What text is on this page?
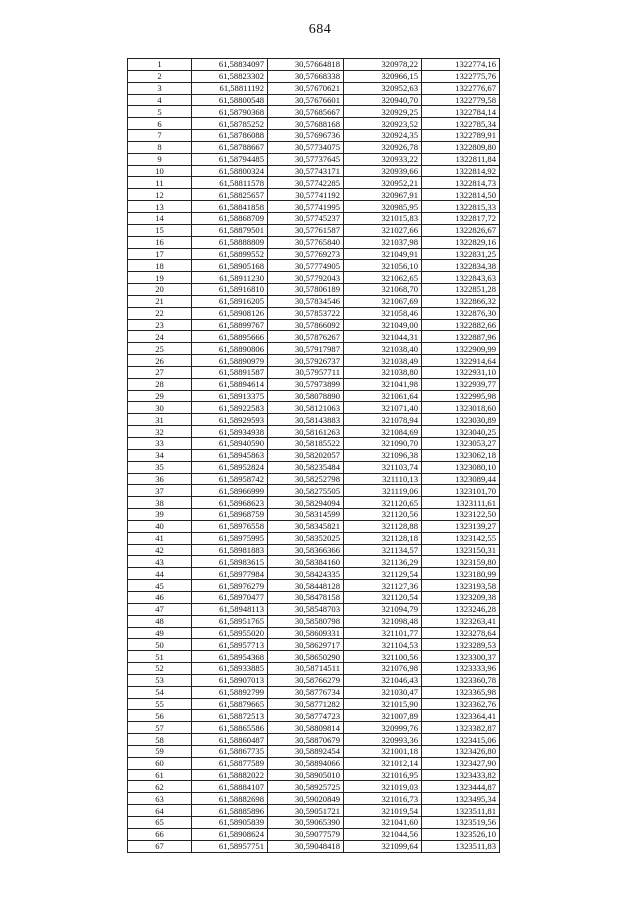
684
1	61,58834097	30,57664818	320978,22	1322774,16
2	61,58823302	30,57668338	320966,15	1322775,76
3	61,58811192	30,57670621	320952,63	1322776,67
4	61,58800548	30,57676601	320940,70	1322779,58
5	61,58790368	30,57685667	320929,25	1322784,14
6	61,58785252	30,57688168	320923,52	1322785,34
7	61,58786088	30,57696736	320924,35	1322789,91
8	61,58788667	30,57734075	320926,78	1322809,80
9	61,58794485	30,57737645	320933,22	1322811,84
10	61,58800324	30,57743171	320939,66	1322814,92
11	61,58811578	30,57742285	320952,21	1322814,73
12	61,58825657	30,57741192	320967,91	1322814,50
13	61,58841858	30,57741995	320985,95	1322815,33
14	61,58868709	30,57745237	321015,83	1322817,72
15	61,58879501	30,57761587	321027,66	1322826,67
16	61,58888809	30,57765840	321037,98	1322829,16
17	61,58899552	30,57769273	321049,91	1322831,25
18	61,58905168	30,57774905	321056,10	1322834,38
19	61,58911230	30,57792043	321062,65	1322843,63
20	61,58916810	30,57806189	321068,70	1322851,28
21	61,58916205	30,57834546	321067,69	1322866,32
22	61,58908126	30,57853722	321058,46	1322876,30
23	61,58899767	30,57866092	321049,00	1322882,66
24	61,58895666	30,57876267	321044,31	1322887,96
25	61,58890806	30,57917987	321038,40	1322909,99
26	61,58890979	30,57926737	321038,49	1322914,64
27	61,58891587	30,57957711	321038,80	1322931,10
28	61,58894614	30,57973899	321041,98	1322939,77
29	61,58913375	30,58078890	321061,64	1322995,98
30	61,58922583	30,58121063	321071,40	1323018,60
31	61,58929593	30,58143883	321078,94	1323030,89
32	61,58934938	30,58161263	321084,69	1323040,25
33	61,58940590	30,58185522	321090,70	1323053,27
34	61,58945863	30,58202057	321096,38	1323062,18
35	61,58952824	30,58235484	321103,74	1323080,10
36	61,58958742	30,58252798	321110,13	1323089,44
37	61,58966999	30,58275505	321119,06	1323101,70
38	61,58968623	30,58294094	321120,65	1323111,61
39	61,58968759	30,58314599	321120,56	1323122,50
40	61,58976558	30,58345821	321128,88	1323139,27
41	61,58975995	30,58352025	321128,18	1323142,55
42	61,58981883	30,58366366	321134,57	1323150,31
43	61,58983615	30,58384160	321136,29	1323159,80
44	61,58977984	30,58424335	321129,54	1323180,99
45	61,58976279	30,58448128	321127,36	1323193,58
46	61,58970477	30,58478158	321120,54	1323209,38
47	61,58948113	30,58548703	321094,79	1323246,28
48	61,58951765	30,58580798	321098,48	1323263,41
49	61,58955020	30,58609331	321101,77	1323278,64
50	61,58957713	30,58629717	321104,53	1323289,53
51	61,58954368	30,58650290	321100,56	1323300,37
52	61,58933885	30,58714511	321076,98	1323333,96
53	61,58907013	30,58766279	321046,43	1323360,78
54	61,58892799	30,58776734	321030,47	1323365,98
55	61,58879665	30,58771282	321015,90	1323362,76
56	61,58872513	30,58774723	321007,89	1323364,41
57	61,58865586	30,58809814	320999,76	1323382,87
58	61,58860487	30,58870679	320993,36	1323415,06
59	61,58867735	30,58892454	321001,18	1323426,80
60	61,58877589	30,58894066	321012,14	1323427,90
61	61,58882022	30,58905010	321016,95	1323433,82
62	61,58884107	30,58925725	321019,03	1323444,87
63	61,58882698	30,59020849	321016,73	1323495,34
64	61,58885896	30,59051721	321019,54	1323511,81
65	61,58905839	30,59065390	321041,60	1323519,56
66	61,58908624	30,59077579	321044,56	1323526,10
67	61,58957751	30,59048418	321099,64	1323511,83
